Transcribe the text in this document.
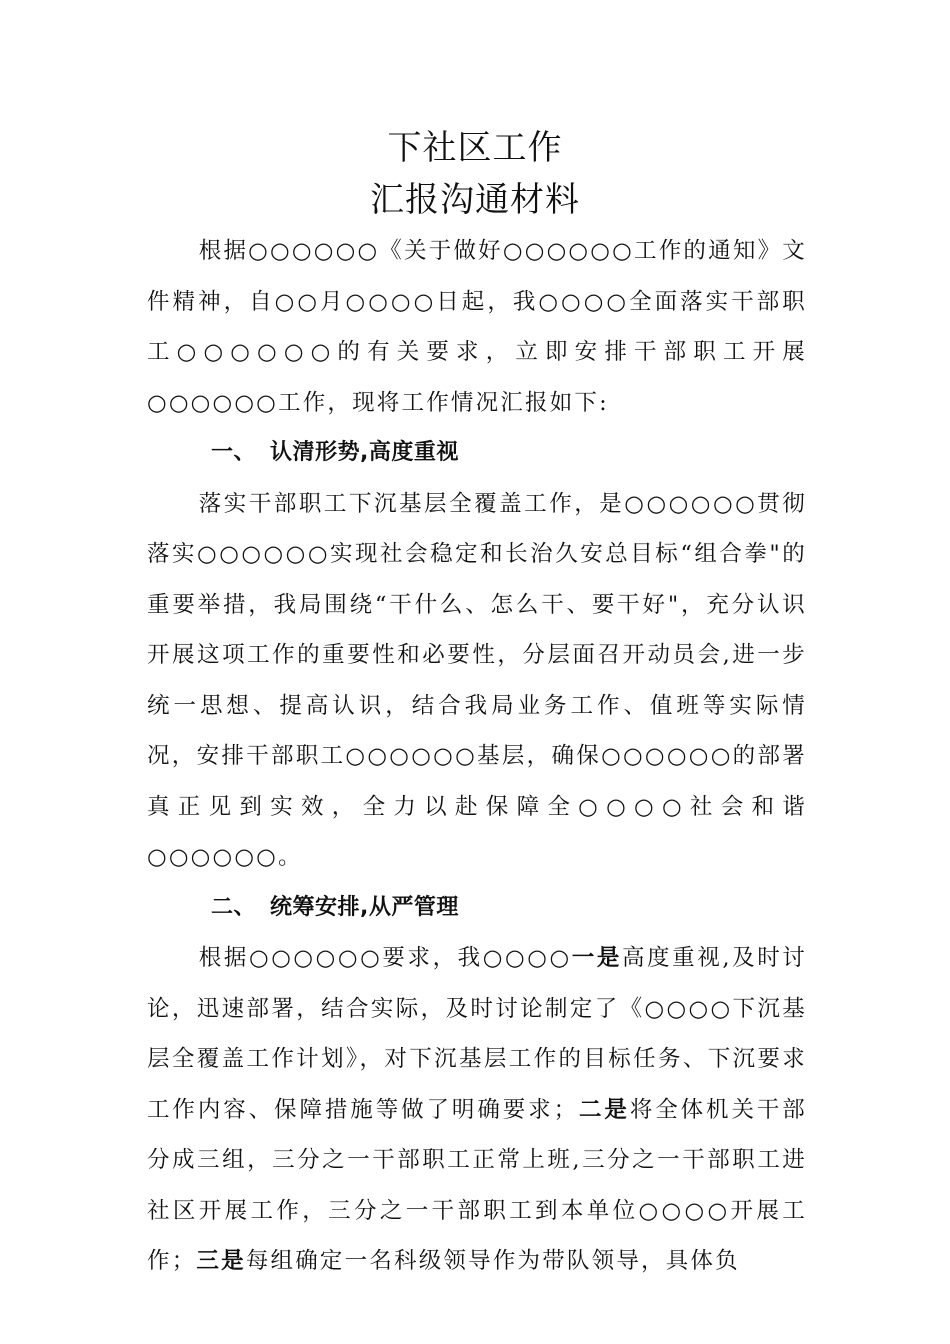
下社区工作
汇报沟通材料

根据○○○○○○《关于做好○○○○○○工作的通知》文件精神，自○○月○○○○日起，我○○○○全面落实干部职工○○○○○○的有关要求，立即安排干部职工开展○○○○○○工作，现将工作情况汇报如下:

一、 认清形势,高度重视

落实干部职工下沉基层全覆盖工作，是○○○○○○贯彻落实○○○○○○实现社会稳定和长治久安总目标“组合拳"的重要举措，我局围绕“干什么、怎么干、要干好"，充分认识开展这项工作的重要性和必要性，分层面召开动员会,进一步统一思想、提高认识，结合我局业务工作、值班等实际情况，安排干部职工○○○○○○基层，确保○○○○○○的部署真正见到实效，全力以赴保障全○○○○社会和谐○○○○○○。

二、 统筹安排,从严管理

根据○○○○○○要求，我○○○○一是高度重视,及时讨论，迅速部署，结合实际，及时讨论制定了《○○○○下沉基层全覆盖工作计划》，对下沉基层工作的目标任务、下沉要求工作内容、保障措施等做了明确要求；二是将全体机关干部分成三组，三分之一干部职工正常上班,三分之一干部职工进社区开展工作，三分之一干部职工到本单位○○○○开展工作；三是每组确定一名科级领导作为带队领导，具体负
